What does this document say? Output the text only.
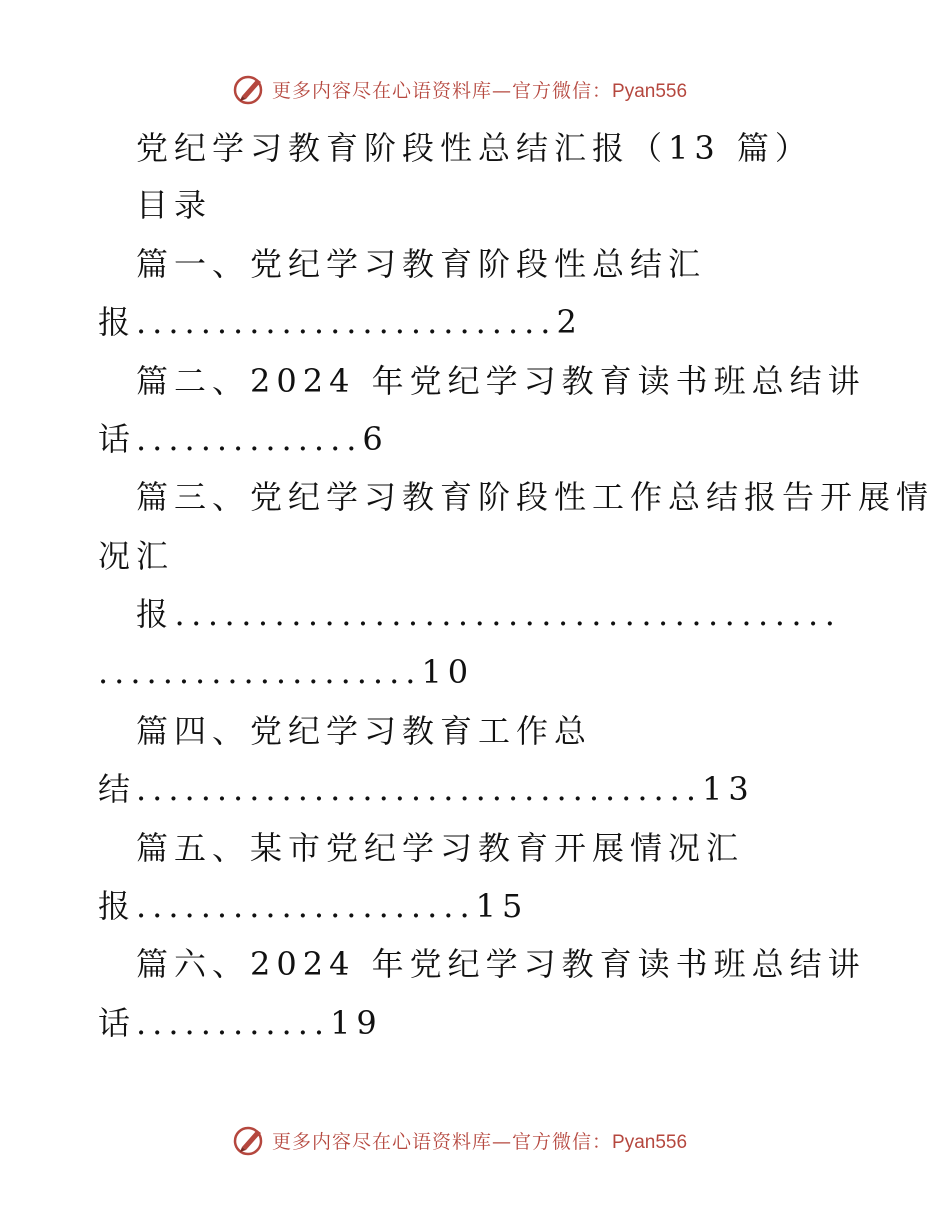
更多内容尽在心语资料库—官方微信：Pyan556
党纪学习教育阶段性总结汇报（13 篇）
目录
篇一、党纪学习教育阶段性总结汇
报..........................2
篇二、2024 年党纪学习教育读书班总结讲
话..............6
篇三、党纪学习教育阶段性工作总结报告开展情
况汇
报........................................
....................10
篇四、党纪学习教育工作总
结...................................13
篇五、某市党纪学习教育开展情况汇
报.....................15
篇六、2024 年党纪学习教育读书班总结讲
话............19
更多内容尽在心语资料库—官方微信：Pyan556
